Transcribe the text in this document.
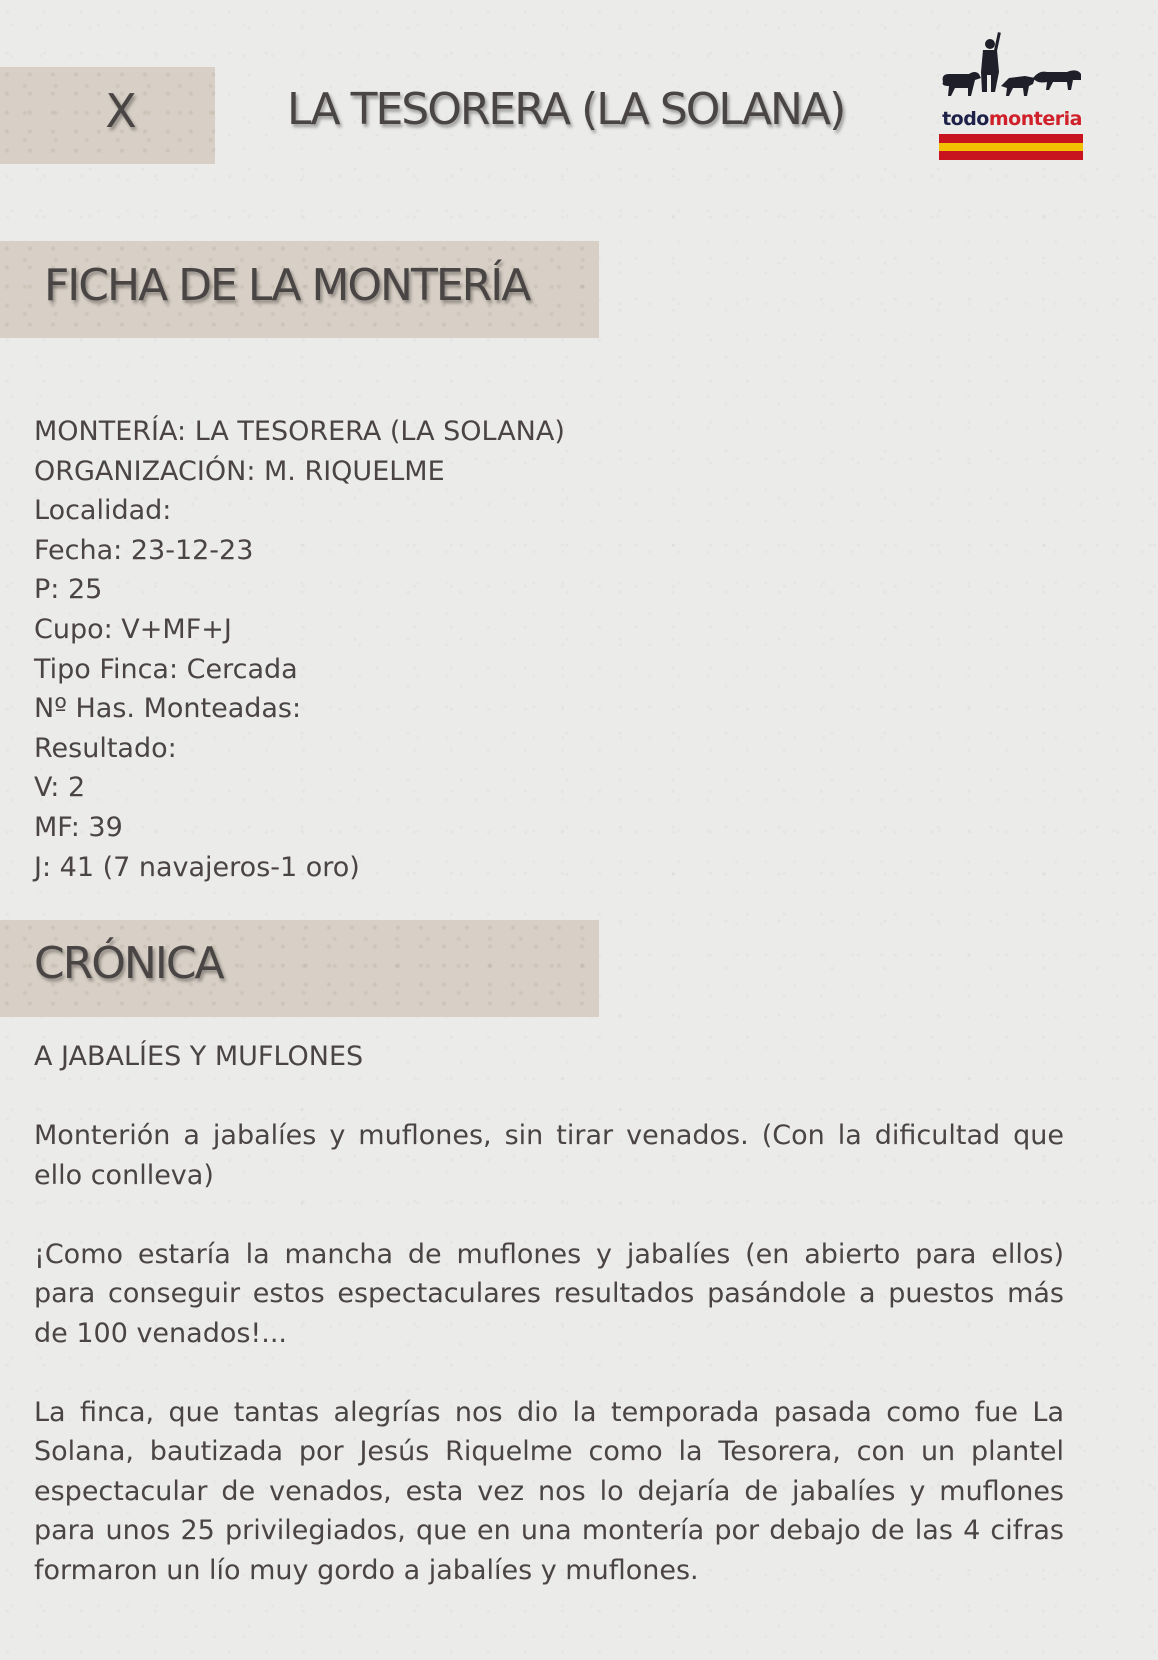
X	LA TESORERA (LA SOLANA)	todomonteria
FICHA DE LA MONTERÍA
MONTERÍA: LA TESORERA (LA SOLANA)
ORGANIZACIÓN: M. RIQUELME
Localidad:
Fecha: 23-12-23
P: 25
Cupo: V+MF+J
Tipo Finca: Cercada
Nº Has. Monteadas:
Resultado:
V: 2
MF: 39
J: 41 (7 navajeros-1 oro)
CRÓNICA

A JABALÍES Y MUFLONES

Monterión a jabalíes y muflones, sin tirar venados. (Con la dificultad que ello conlleva)

¡Como estaría la mancha de muflones y jabalíes (en abierto para ellos) para conseguir estos espectaculares resultados pasándole a puestos más de 100 venados!...

La finca, que tantas alegrías nos dio la temporada pasada como fue La Solana, bautizada por Jesús Riquelme como la Tesorera, con un plantel espectacular de venados, esta vez nos lo dejaría de jabalíes y muflones para unos 25 privilegiados, que en una montería por debajo de las 4 cifras formaron un lío muy gordo a jabalíes y muflones.
